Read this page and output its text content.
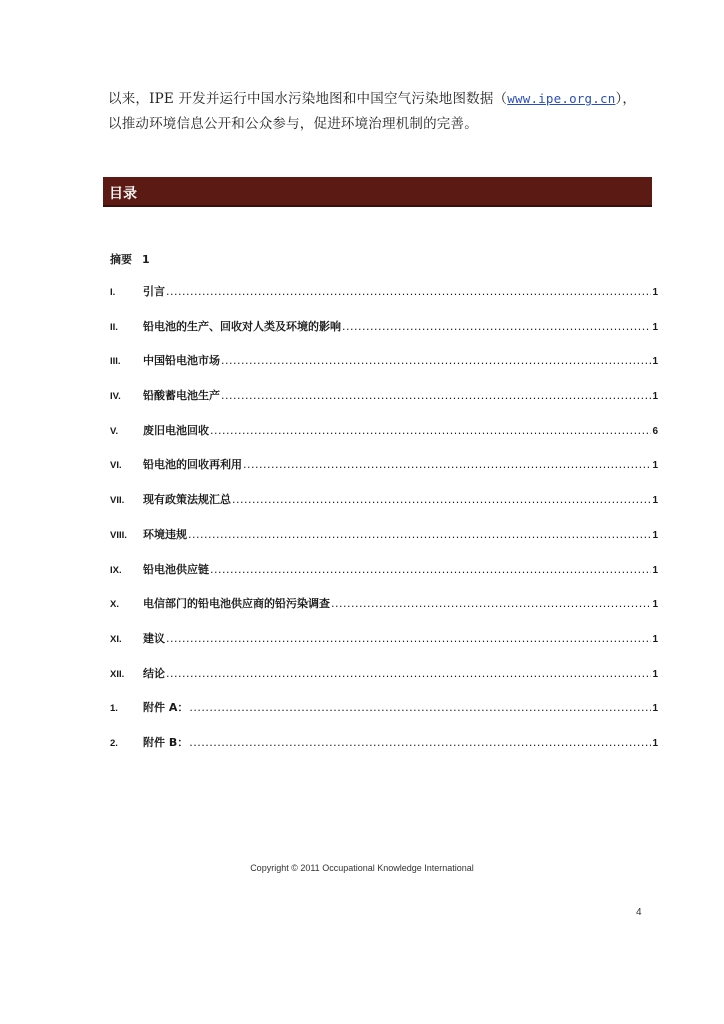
以来，IPE 开发并运行中国水污染地图和中国空气污染地图数据（www.ipe.org.cn），
以推动环境信息公开和公众参与，促进环境治理机制的完善。
目录
摘要 1
I.	引言 .....	1
II.	铅电池的生产、回收对人类及环境的影响 .....	1
III.	中国铅电池市场 .....	1
IV.	铅酸蓄电池生产 .....	1
V.	废旧电池回收 .....	6
VI.	铅电池的回收再利用 .....	1
VII.	现有政策法规汇总 .....	1
VIII.	环境违规 .....	1
IX.	铅电池供应链 .....	1
X.	电信部门的铅电池供应商的铅污染调查 .....	1
XI.	建议 .....	1
XII.	结论 .....	1
1.	附件 A： .....	1
2.	附件 B： .....	1
Copyright © 2011 Occupational Knowledge International
4
